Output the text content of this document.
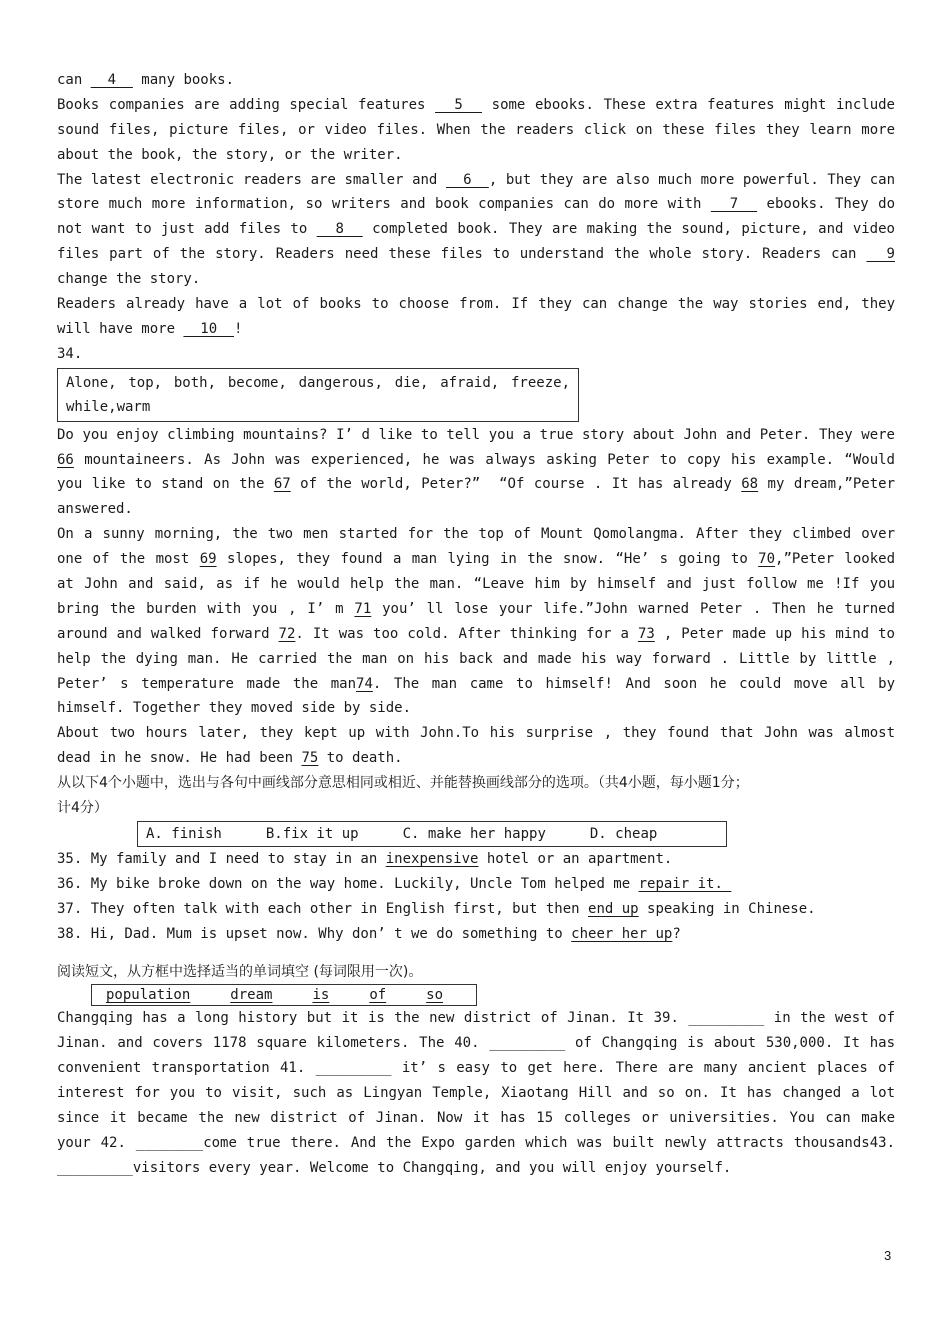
can   4   many books.
Books companies are adding special features   5   some ebooks. These extra features might include
sound files, picture files, or video files. When the readers click on these files they learn more
about the book, the story, or the writer.
The latest electronic readers are smaller and   6  , but they are also much more powerful. They can
store much more information, so writers and book companies can do more with   7   ebooks. They do
not want to just add files to   8   completed book. They are making the sound, picture, and video
files part of the story. Readers need these files to understand the whole story. Readers can   9
change the story.
Readers already have a lot of books to choose from. If they can change the way stories end, they
will have more   10  !
34.
Alone, top, both, become, dangerous, die, afraid, freeze,
while,warm
Do you enjoy climbing mountains? I’ d like to tell you a true story about John and Peter. They were
66 mountaineers. As John was experienced, he was always asking Peter to copy his example. “Would
you like to stand on the 67 of the world, Peter?”  “Of course . It has already 68 my dream,”Peter
answered.
On a sunny morning, the two men started for the top of Mount Qomolangma. After they climbed over
one of the most 69 slopes, they found a man lying in the snow. “He’ s going to 70,”Peter looked
at John and said, as if he would help the man. “Leave him by himself and just follow me !If you
bring the burden with you , I’ m 71 you’ ll lose your life.”John warned Peter . Then he turned
around and walked forward 72. It was too cold. After thinking for a 73 , Peter made up his mind to
help the dying man. He carried the man on his back and made his way forward . Little by little ,
Peter’ s temperature made the man74. The man came to himself! And soon he could move all by
himself. Together they moved side by side.
About two hours later, they kept up with John.To his surprise , they found that John was almost
dead in he snow. He had been 75 to death.
从以下4个小题中，选出与各句中画线部分意思相同或相近、并能替换画线部分的选项。（共4小题，每小题1分；
计4分）
A. finish	B.fix it up	C. make her happy	D. cheap
35. My family and I need to stay in an inexpensive hotel or an apartment.
36. My bike broke down on the way home. Luckily, Uncle Tom helped me repair it.
37. They often talk with each other in English first, but then end up speaking in Chinese.
38. Hi, Dad. Mum is upset now. Why don’ t we do something to cheer her up?
阅读短文，从方框中选择适当的单词填空 (每词限用一次)。
population	dream	is	of	so
Changqing has a long history but it is the new district of Jinan. It 39. _________ in the west of
Jinan. and covers 1178 square kilometers. The 40. _________ of Changqing is about 530,000. It has
convenient transportation 41. _________ it’ s easy to get here. There are many ancient places of
interest for you to visit, such as Lingyan Temple, Xiaotang Hill and so on. It has changed a lot
since it became the new district of Jinan. Now it has 15 colleges or universities. You can make
your 42. ________come true there. And the Expo garden which was built newly attracts thousands43.
_________visitors every year. Welcome to Changqing, and you will enjoy yourself.
3
